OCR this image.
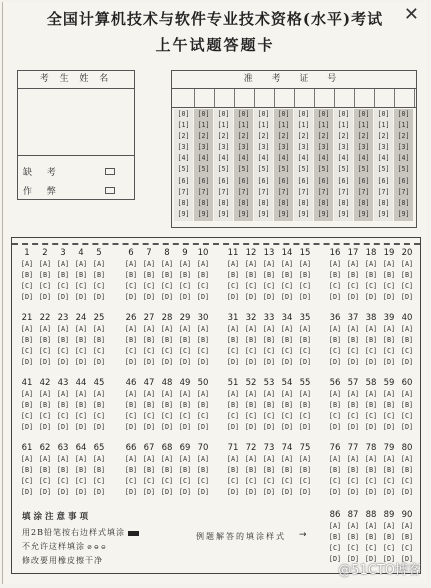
全国计算机技术与软件专业技术资格(水平)考试
上午试题答题卡
✕
考 生 姓 名
缺 考
作 弊
准 考 证 号
[0]
[1]
[2]
[3]
[4]
[5]
[6]
[7]
[8]
[9]
[0]
[1]
[2]
[3]
[4]
[5]
[6]
[7]
[8]
[9]
[0]
[1]
[2]
[3]
[4]
[5]
[6]
[7]
[8]
[9]
[0]
[1]
[2]
[3]
[4]
[5]
[6]
[7]
[8]
[9]
[0]
[1]
[2]
[3]
[4]
[5]
[6]
[7]
[8]
[9]
[0]
[1]
[2]
[3]
[4]
[5]
[6]
[7]
[8]
[9]
[0]
[1]
[2]
[3]
[4]
[5]
[6]
[7]
[8]
[9]
[0]
[1]
[2]
[3]
[4]
[5]
[6]
[7]
[8]
[9]
[0]
[1]
[2]
[3]
[4]
[5]
[6]
[7]
[8]
[9]
[0]
[1]
[2]
[3]
[4]
[5]
[6]
[7]
[8]
[9]
[0]
[1]
[2]
[3]
[4]
[5]
[6]
[7]
[8]
[9]
[0]
[1]
[2]
[3]
[4]
[5]
[6]
[7]
[8]
[9]
1
[A]
[B]
[C]
[D]
2
[A]
[B]
[C]
[D]
3
[A]
[B]
[C]
[D]
4
[A]
[B]
[C]
[D]
5
[A]
[B]
[C]
[D]
6
[A]
[B]
[C]
[D]
7
[A]
[B]
[C]
[D]
8
[A]
[B]
[C]
[D]
9
[A]
[B]
[C]
[D]
10
[A]
[B]
[C]
[D]
11
[A]
[B]
[C]
[D]
12
[A]
[B]
[C]
[D]
13
[A]
[B]
[C]
[D]
14
[A]
[B]
[C]
[D]
15
[A]
[B]
[C]
[D]
16
[A]
[B]
[C]
[D]
17
[A]
[B]
[C]
[D]
18
[A]
[B]
[C]
[D]
19
[A]
[B]
[C]
[D]
20
[A]
[B]
[C]
[D]
21
[A]
[B]
[C]
[D]
22
[A]
[B]
[C]
[D]
23
[A]
[B]
[C]
[D]
24
[A]
[B]
[C]
[D]
25
[A]
[B]
[C]
[D]
26
[A]
[B]
[C]
[D]
27
[A]
[B]
[C]
[D]
28
[A]
[B]
[C]
[D]
29
[A]
[B]
[C]
[D]
30
[A]
[B]
[C]
[D]
31
[A]
[B]
[C]
[D]
32
[A]
[B]
[C]
[D]
33
[A]
[B]
[C]
[D]
34
[A]
[B]
[C]
[D]
35
[A]
[B]
[C]
[D]
36
[A]
[B]
[C]
[D]
37
[A]
[B]
[C]
[D]
38
[A]
[B]
[C]
[D]
39
[A]
[B]
[C]
[D]
40
[A]
[B]
[C]
[D]
41
[A]
[B]
[C]
[D]
42
[A]
[B]
[C]
[D]
43
[A]
[B]
[C]
[D]
44
[A]
[B]
[C]
[D]
45
[A]
[B]
[C]
[D]
46
[A]
[B]
[C]
[D]
47
[A]
[B]
[C]
[D]
48
[A]
[B]
[C]
[D]
49
[A]
[B]
[C]
[D]
50
[A]
[B]
[C]
[D]
51
[A]
[B]
[C]
[D]
52
[A]
[B]
[C]
[D]
53
[A]
[B]
[C]
[D]
54
[A]
[B]
[C]
[D]
55
[A]
[B]
[C]
[D]
56
[A]
[B]
[C]
[D]
57
[A]
[B]
[C]
[D]
58
[A]
[B]
[C]
[D]
59
[A]
[B]
[C]
[D]
60
[A]
[B]
[C]
[D]
61
[A]
[B]
[C]
[D]
62
[A]
[B]
[C]
[D]
63
[A]
[B]
[C]
[D]
64
[A]
[B]
[C]
[D]
65
[A]
[B]
[C]
[D]
66
[A]
[B]
[C]
[D]
67
[A]
[B]
[C]
[D]
68
[A]
[B]
[C]
[D]
69
[A]
[B]
[C]
[D]
70
[A]
[B]
[C]
[D]
71
[A]
[B]
[C]
[D]
72
[A]
[B]
[C]
[D]
73
[A]
[B]
[C]
[D]
74
[A]
[B]
[C]
[D]
75
[A]
[B]
[C]
[D]
76
[A]
[B]
[C]
[D]
77
[A]
[B]
[C]
[D]
78
[A]
[B]
[C]
[D]
79
[A]
[B]
[C]
[D]
80
[A]
[B]
[C]
[D]
86
[A]
[B]
[C]
[D]
87
[A]
[B]
[C]
[D]
88
[A]
[B]
[C]
[D]
89
[A]
[B]
[C]
[D]
90
[A]
[B]
[C]
[D]
填涂注意事项
用2B铅笔按右边样式填涂
不允许这样填涂 ⊘ ⊖ ⊝
修改要用橡皮擦干净
例题解答的填涂样式 →
@51CTO博客
